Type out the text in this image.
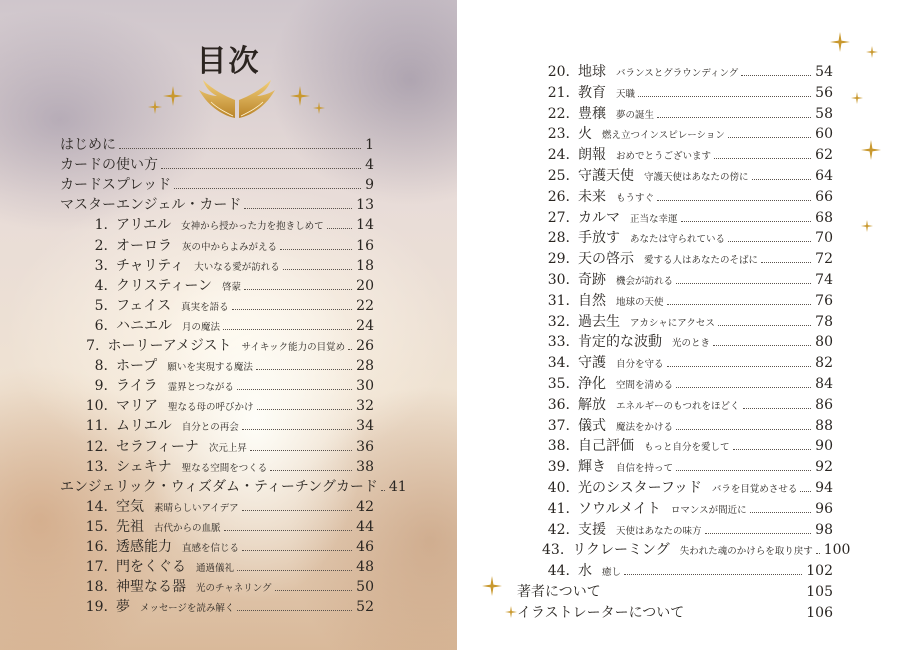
目次
はじめに	1
カードの使い方	4
カードスプレッド	9
マスターエンジェル・カード	13
1. アリエル 女神から授かった力を抱きしめて 14
2. オーロラ 灰の中からよみがえる	16
3. チャリティ 大いなる愛が訪れる	18
4. クリスティーン 啓蒙	20
5. フェイス 真実を語る	22
6. ハニエル 月の魔法	24
7. ホーリーアメジスト サイキック能力の目覚め 26
8. ホープ 願いを実現する魔法	28
9. ライラ 霊界とつながる	30
10. マリア 聖なる母の呼びかけ	32
11. ムリエル 自分との再会	34
12. セラフィーナ 次元上昇	36
13. シェキナ 聖なる空間をつくる	38
エンジェリック・ウィズダム・ティーチングカード 41
14. 空気 素晴らしいアイデア	42
15. 先祖 古代からの血脈	44
16. 透感能力 直感を信じる	46
17. 門をくぐる 通過儀礼	48
18. 神聖なる器 光のチャネリング	50
19. 夢 メッセージを読み解く	52
20. 地球 バランスとグラウンディング	54
21. 教育 天職	56
22. 豊穣 夢の誕生	58
23. 火 燃え立つインスピレーション	60
24. 朗報 おめでとうございます	62
25. 守護天使 守護天使はあなたの傍に	64
26. 未来 もうすぐ	66
27. カルマ 正当な幸運	68
28. 手放す あなたは守られている	70
29. 天の啓示 愛する人はあなたのそばに	72
30. 奇跡 機会が訪れる	74
31. 自然 地球の天使	76
32. 過去生 アカシャにアクセス	78
33. 肯定的な波動 光のとき	80
34. 守護 自分を守る	82
35. 浄化 空間を清める	84
36. 解放 エネルギーのもつれをほどく	86
37. 儀式 魔法をかける	88
38. 自己評価 もっと自分を愛して	90
39. 輝き 自信を持って	92
40. 光のシスターフッド バラを目覚めさせる 94
41. ソウルメイト ロマンスが間近に	96
42. 支援 天使はあなたの味方	98
43. リクレーミング 失われた魂のかけらを取り戻す 100
44. 水 癒し	102
著者について	105
イラストレーターについて	106
